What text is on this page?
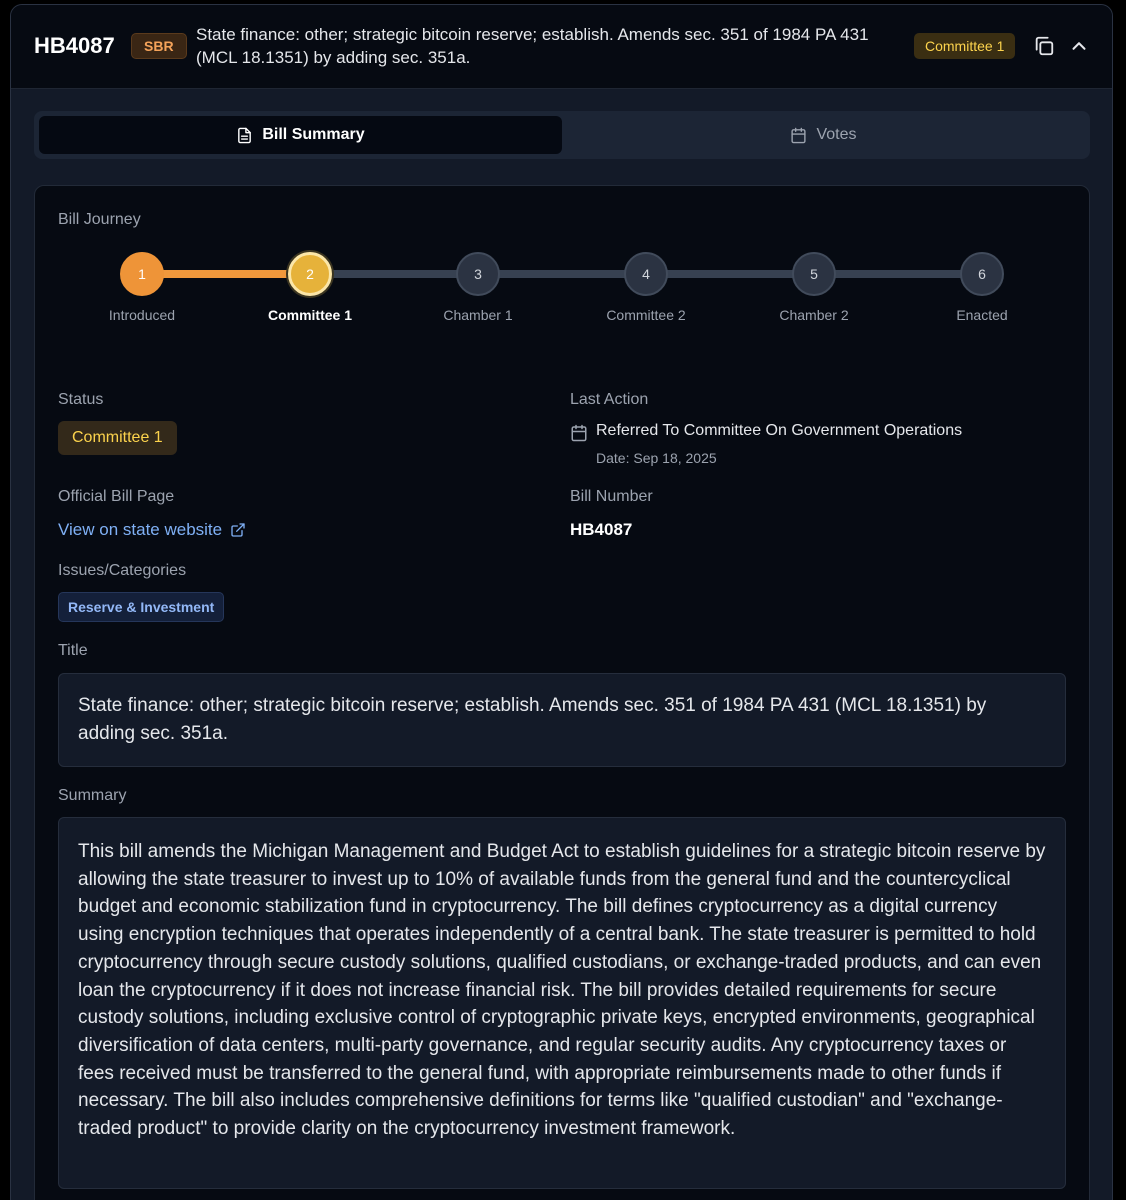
HB4087	SBR
State finance: other; strategic bitcoin reserve; establish. Amends sec. 351 of 1984 PA 431 (MCL 18.1351) by adding sec. 351a.
Committee 1
Bill Summary	Votes
Bill Journey
1	2	3	4	5	6
Introduced	Committee 1	Chamber 1	Committee 2	Chamber 2	Enacted
Status
Committee 1
Last Action
Referred To Committee On Government Operations
Date: Sep 18, 2025
Official Bill Page
View on state website
Bill Number
HB4087
Issues/Categories
Reserve & Investment
Title
State finance: other; strategic bitcoin reserve; establish. Amends sec. 351 of 1984 PA 431 (MCL 18.1351) by adding sec. 351a.
Summary
This bill amends the Michigan Management and Budget Act to establish guidelines for a strategic bitcoin reserve by allowing the state treasurer to invest up to 10% of available funds from the general fund and the countercyclical budget and economic stabilization fund in cryptocurrency. The bill defines cryptocurrency as a digital currency using encryption techniques that operates independently of a central bank. The state treasurer is permitted to hold cryptocurrency through secure custody solutions, qualified custodians, or exchange-traded products, and can even loan the cryptocurrency if it does not increase financial risk. The bill provides detailed requirements for secure custody solutions, including exclusive control of cryptographic private keys, encrypted environments, geographical diversification of data centers, multi-party governance, and regular security audits. Any cryptocurrency taxes or fees received must be transferred to the general fund, with appropriate reimbursements made to other funds if necessary. The bill also includes comprehensive definitions for terms like "qualified custodian" and "exchange-traded product" to provide clarity on the cryptocurrency investment framework.
